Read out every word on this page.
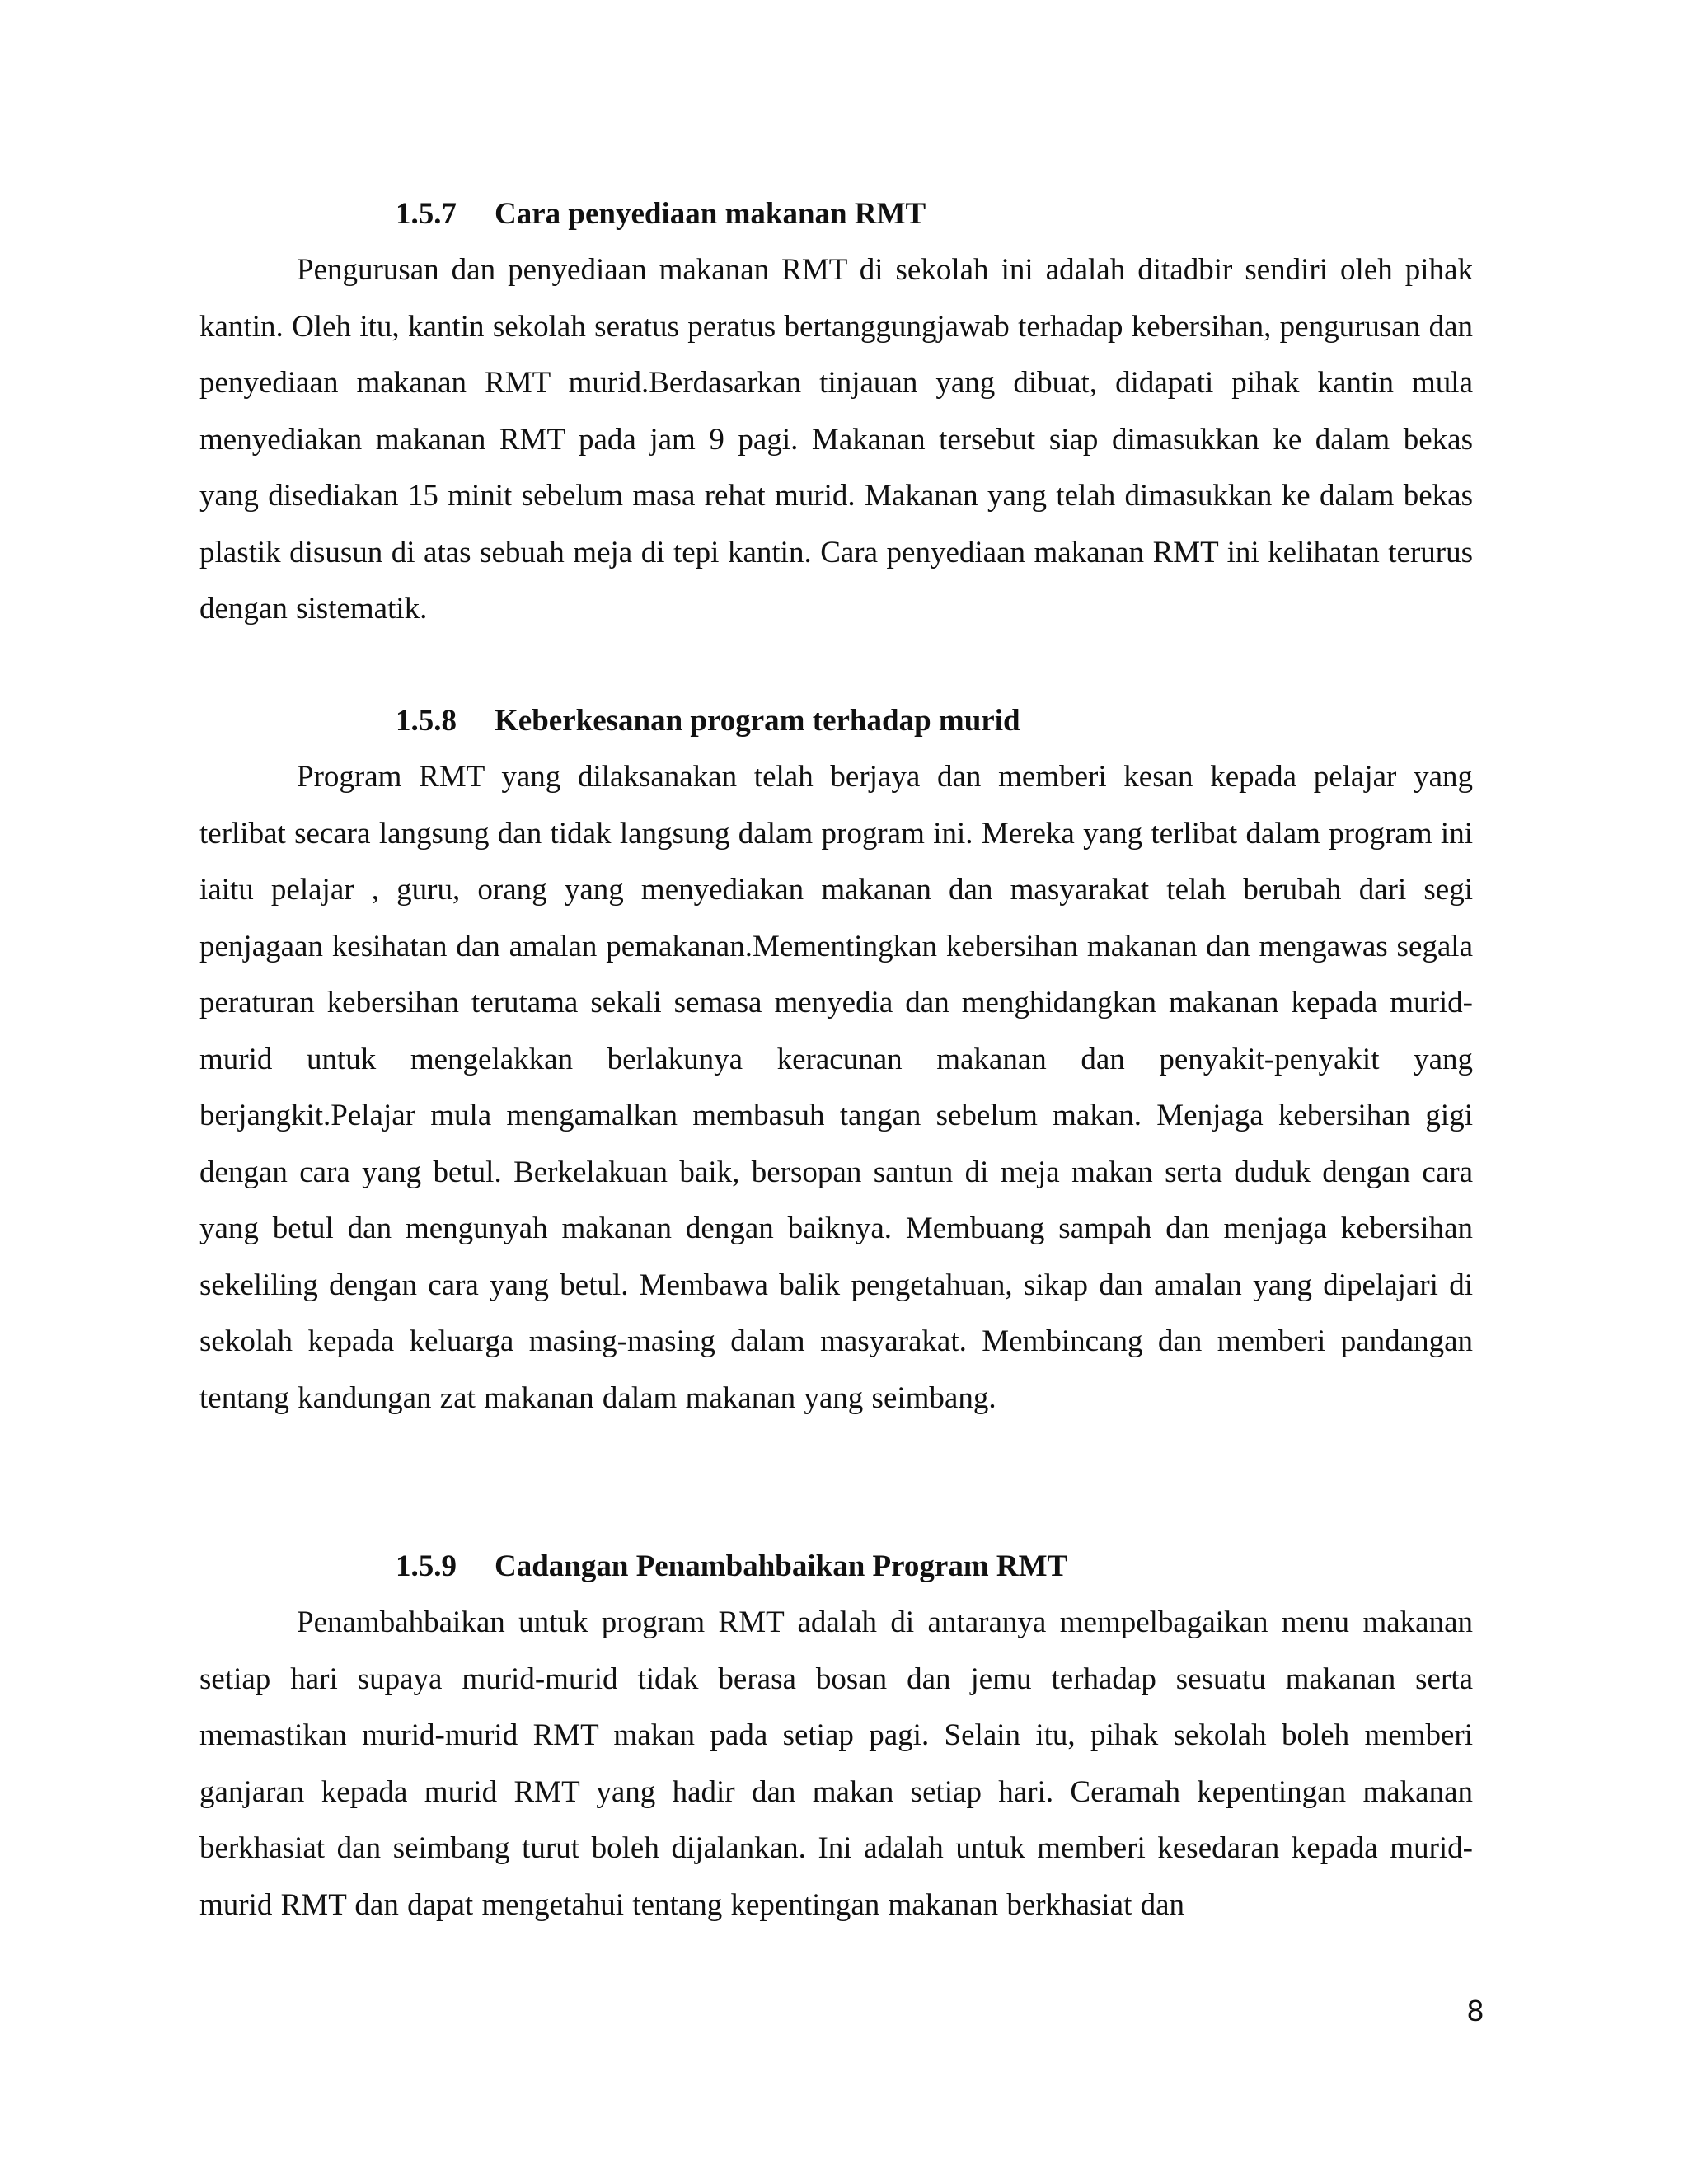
1.5.7 Cara penyediaan makanan RMT

Pengurusan dan penyediaan makanan RMT di sekolah ini adalah ditadbir sendiri oleh pihak kantin. Oleh itu, kantin sekolah seratus peratus bertanggungjawab terhadap kebersihan, pengurusan dan penyediaan makanan RMT murid.Berdasarkan tinjauan yang dibuat, didapati pihak kantin mula menyediakan makanan RMT pada jam 9 pagi. Makanan tersebut siap dimasukkan ke dalam bekas yang disediakan 15 minit sebelum masa rehat murid. Makanan yang telah dimasukkan ke dalam bekas plastik disusun di atas sebuah meja di tepi kantin. Cara penyediaan makanan RMT ini kelihatan terurus dengan sistematik.

1.5.8 Keberkesanan program terhadap murid

Program RMT yang dilaksanakan telah berjaya dan memberi kesan kepada pelajar yang terlibat secara langsung dan tidak langsung dalam program ini. Mereka yang terlibat dalam program ini iaitu pelajar , guru, orang yang menyediakan makanan dan masyarakat telah berubah dari segi penjagaan kesihatan dan amalan pemakanan.Mementingkan kebersihan makanan dan mengawas segala peraturan kebersihan terutama sekali semasa menyedia dan menghidangkan makanan kepada murid-murid untuk mengelakkan berlakunya keracunan makanan dan penyakit-penyakit yang berjangkit.Pelajar mula mengamalkan membasuh tangan sebelum makan. Menjaga kebersihan gigi dengan cara yang betul. Berkelakuan baik, bersopan santun di meja makan serta duduk dengan cara yang betul dan mengunyah makanan dengan baiknya. Membuang sampah dan menjaga kebersihan sekeliling dengan cara yang betul. Membawa balik pengetahuan, sikap dan amalan yang dipelajari di sekolah kepada keluarga masing-masing dalam masyarakat. Membincang dan memberi pandangan tentang kandungan zat makanan dalam makanan yang seimbang.

1.5.9 Cadangan Penambahbaikan Program RMT

Penambahbaikan untuk program RMT adalah di antaranya mempelbagaikan menu makanan setiap hari supaya murid-murid tidak berasa bosan dan jemu terhadap sesuatu makanan serta memastikan murid-murid RMT makan pada setiap pagi. Selain itu, pihak sekolah boleh memberi ganjaran kepada murid RMT yang hadir dan makan setiap hari. Ceramah kepentingan makanan berkhasiat dan seimbang turut boleh dijalankan. Ini adalah untuk memberi kesedaran kepada murid-murid RMT dan dapat mengetahui tentang kepentingan makanan berkhasiat dan

8
